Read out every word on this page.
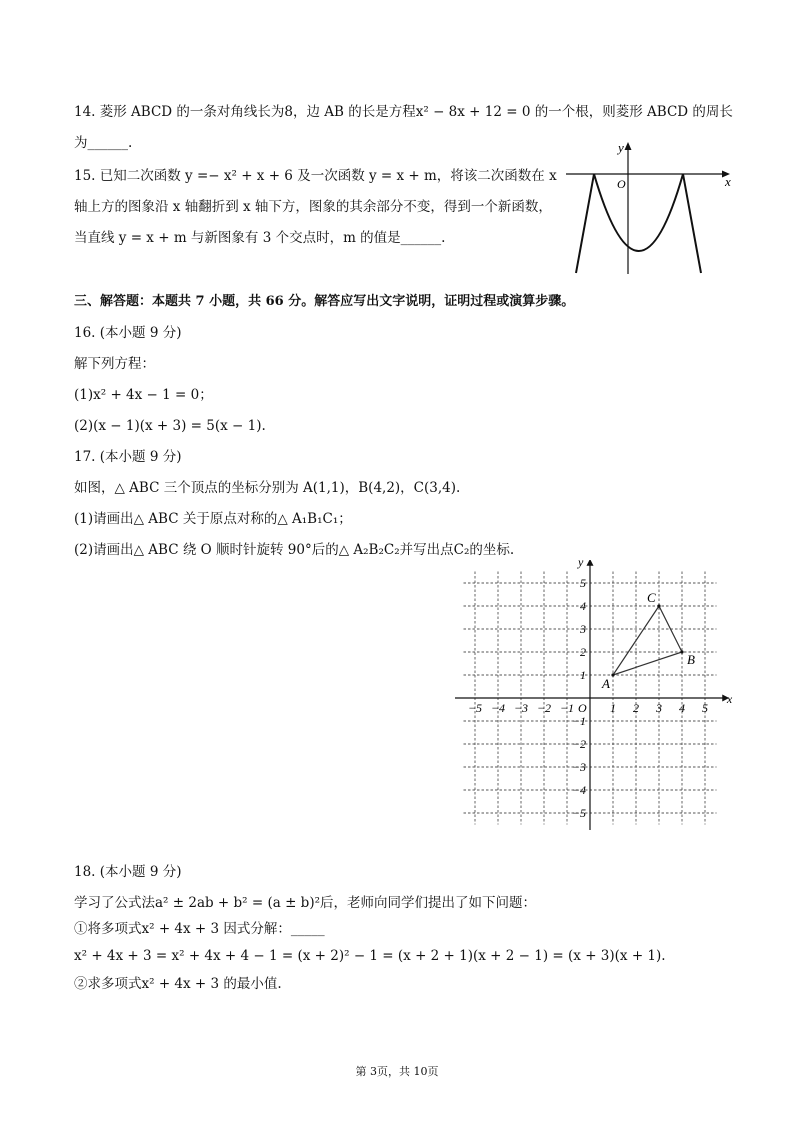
14. 菱形 ABCD 的一条对角线长为8，边 AB 的长是方程x² − 8x + 12 = 0 的一个根，则菱形 ABCD 的周长
为______.
15. 已知二次函数 y =− x² + x + 6 及一次函数 y = x + m，将该二次函数在 x
轴上方的图象沿 x 轴翻折到 x 轴下方，图象的其余部分不变，得到一个新函数，
当直线 y = x + m 与新图象有 3 个交点时，m 的值是______.
y
x
O
三、解答题：本题共 7 小题，共 66 分。解答应写出文字说明，证明过程或演算步骤。
16. (本小题 9 分)
解下列方程：
(1)x² + 4x − 1 = 0；
(2)(x − 1)(x + 3) = 5(x − 1).
17. (本小题 9 分)
如图，△ ABC 三个顶点的坐标分别为 A(1,1)，B(4,2)，C(3,4).
(1)请画出△ ABC 关于原点对称的△ A₁B₁C₁；
(2)请画出△ ABC 绕 O 顺时针旋转 90°后的△ A₂B₂C₂并写出点C₂的坐标.
x
y
O
−5 −4 −3 −2 −1	1 2 3 4 5
5
4
3
2
1
−1
−2
−3
−4
−5
A
B
C
18. (本小题 9 分)
学习了公式法a² ± 2ab + b² = (a ± b)²后，老师向同学们提出了如下问题：
①将多项式x² + 4x + 3 因式分解：_____
x² + 4x + 3 = x² + 4x + 4 − 1 = (x + 2)² − 1 = (x + 2 + 1)(x + 2 − 1) = (x + 3)(x + 1).
②求多项式x² + 4x + 3 的最小值.
第 3页，共 10页
